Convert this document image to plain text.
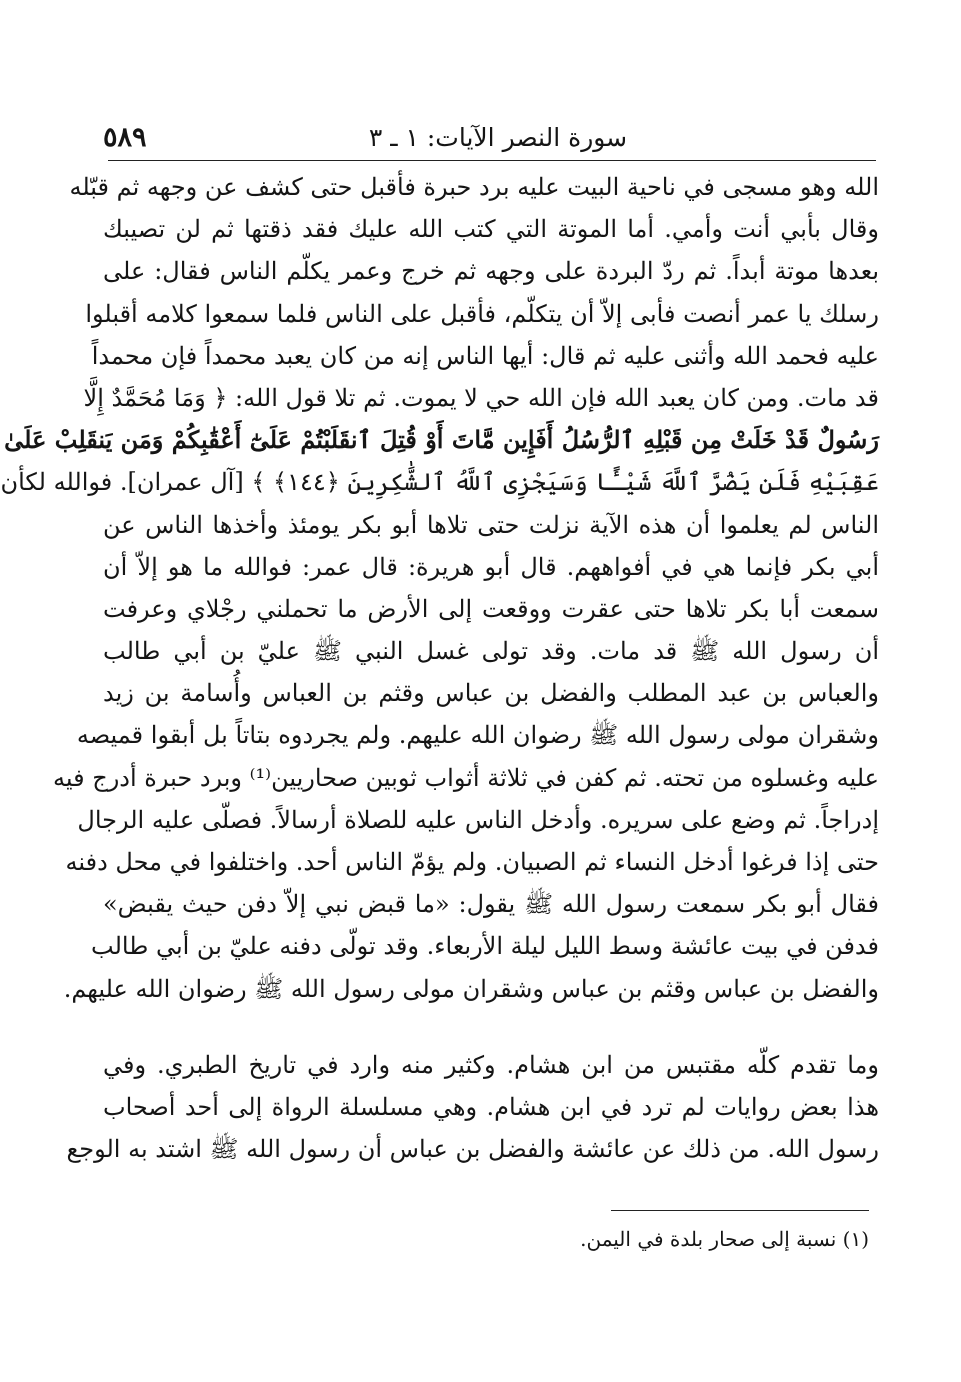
٥٨٩	سورة النصر الآيات: ١ ـ ٣
الله وهو مسجى في ناحية البيت عليه برد حبرة فأقبل حتى كشف عن وجهه ثم قبّله
وقال بأبي أنت وأمي. أما الموتة التي كتب الله عليك فقد ذقتها ثم لن تصيبك
بعدها موتة أبداً. ثم ردّ البردة على وجهه ثم خرج وعمر يكلّم الناس فقال: على
رسلك يا عمر أنصت فأبى إلاّ أن يتكلّم، فأقبل على الناس فلما سمعوا كلامه أقبلوا
عليه فحمد الله وأثنى عليه ثم قال: أيها الناس إنه من كان يعبد محمداً فإن محمداً
قد مات. ومن كان يعبد الله فإن الله حي لا يموت. ثم تلا قول الله: ﴿ وَمَا مُحَمَّدٌ إِلَّا
رَسُولٌ قَدْ خَلَتْ مِن قَبْلِهِ ٱلرُّسُلُ أَفَإِين مَّاتَ أَوْ قُتِلَ ٱنقَلَبْتُمْ عَلَىٰٓ أَعْقَٰبِكُمْ وَمَن يَنقَلِبْ عَلَىٰ
عَقِبَيْهِ فَلَن يَضُرَّ ٱللَّهَ شَيْـًٔا وَسَيَجْزِى ٱللَّهُ ٱلشَّٰكِرِينَ ﴿١٤٤﴾ ﴾ [آل عمران]. فوالله لكأن
الناس لم يعلموا أن هذه الآية نزلت حتى تلاها أبو بكر يومئذ وأخذها الناس عن
أبي بكر فإنما هي في أفواههم. قال أبو هريرة: قال عمر: فوالله ما هو إلاّ أن
سمعت أبا بكر تلاها حتى عقرت ووقعت إلى الأرض ما تحملني رجْلاي وعرفت
أن رسول الله ﷺ قد مات. وقد تولى غسل النبي ﷺ عليّ بن أبي طالب
والعباس بن عبد المطلب والفضل بن عباس وقثم بن العباس وأُسامة بن زيد
وشقران مولى رسول الله ﷺ رضوان الله عليهم. ولم يجردوه بتاتاً بل أبقوا قميصه
عليه وغسلوه من تحته. ثم كفن في ثلاثة أثواب ثوبين صحاريين⁽¹⁾ وبرد حبرة أدرج فيه
إدراجاً. ثم وضع على سريره. وأدخل الناس عليه للصلاة أرسالاً. فصلّى عليه الرجال
حتى إذا فرغوا أدخل النساء ثم الصبيان. ولم يؤمّ الناس أحد. واختلفوا في محل دفنه
فقال أبو بكر سمعت رسول الله ﷺ يقول: «ما قبض نبي إلاّ دفن حيث يقبض»
فدفن في بيت عائشة وسط الليل ليلة الأربعاء. وقد تولّى دفنه عليّ بن أبي طالب
والفضل بن عباس وقثم بن عباس وشقران مولى رسول الله ﷺ رضوان الله عليهم.
وما تقدم كلّه مقتبس من ابن هشام. وكثير منه وارد في تاريخ الطبري. وفي
هذا بعض روايات لم ترد في ابن هشام. وهي مسلسلة الرواة إلى أحد أصحاب
رسول الله. من ذلك عن عائشة والفضل بن عباس أن رسول الله ﷺ اشتد به الوجع
(١) نسبة إلى صحار بلدة في اليمن.
